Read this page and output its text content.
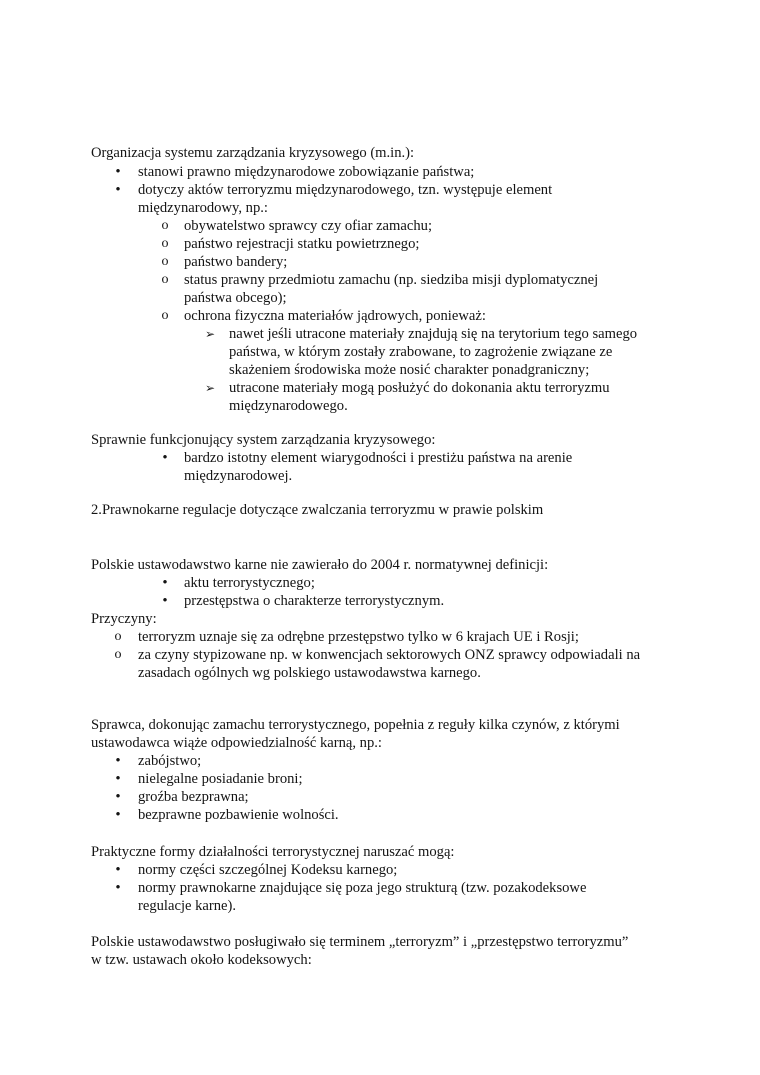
Organizacja systemu zarządzania kryzysowego (m.in.):
•	stanowi prawno międzynarodowe zobowiązanie państwa;
•	dotyczy aktów terroryzmu międzynarodowego, tzn. występuje element
międzynarodowy, np.:
o	obywatelstwo sprawcy czy ofiar zamachu;
o	państwo rejestracji statku powietrznego;
o	państwo bandery;
o	status prawny przedmiotu zamachu (np. siedziba misji dyplomatycznej
państwa obcego);
o	ochrona fizyczna materiałów jądrowych, ponieważ:
➢ nawet jeśli utracone materiały znajdują się na terytorium tego samego
państwa, w którym zostały zrabowane, to zagrożenie związane ze
skażeniem środowiska może nosić charakter ponadgraniczny;
➢ utracone materiały mogą posłużyć do dokonania aktu terroryzmu
międzynarodowego.
Sprawnie funkcjonujący system zarządzania kryzysowego:
•	bardzo istotny element wiarygodności i prestiżu państwa na arenie
międzynarodowej.
2.Prawnokarne regulacje dotyczące zwalczania terroryzmu w prawie polskim
Polskie ustawodawstwo karne nie zawierało do 2004 r. normatywnej definicji:
•	aktu terrorystycznego;
•	przestępstwa o charakterze terrorystycznym.
Przyczyny:
o	terroryzm uznaje się za odrębne przestępstwo tylko w 6 krajach UE i Rosji;
o	za czyny stypizowane np. w konwencjach sektorowych ONZ sprawcy odpowiadali na
zasadach ogólnych wg polskiego ustawodawstwa karnego.
Sprawca, dokonując zamachu terrorystycznego, popełnia z reguły kilka czynów, z którymi
ustawodawca wiąże odpowiedzialność karną, np.:
•	zabójstwo;
•	nielegalne posiadanie broni;
•	groźba bezprawna;
•	bezprawne pozbawienie wolności.
Praktyczne formy działalności terrorystycznej naruszać mogą:
•	normy części szczególnej Kodeksu karnego;
•	normy prawnokarne znajdujące się poza jego strukturą (tzw. pozakodeksowe
regulacje karne).
Polskie ustawodawstwo posługiwało się terminem „terroryzm” i „przestępstwo terroryzmu”
w tzw. ustawach około kodeksowych:
